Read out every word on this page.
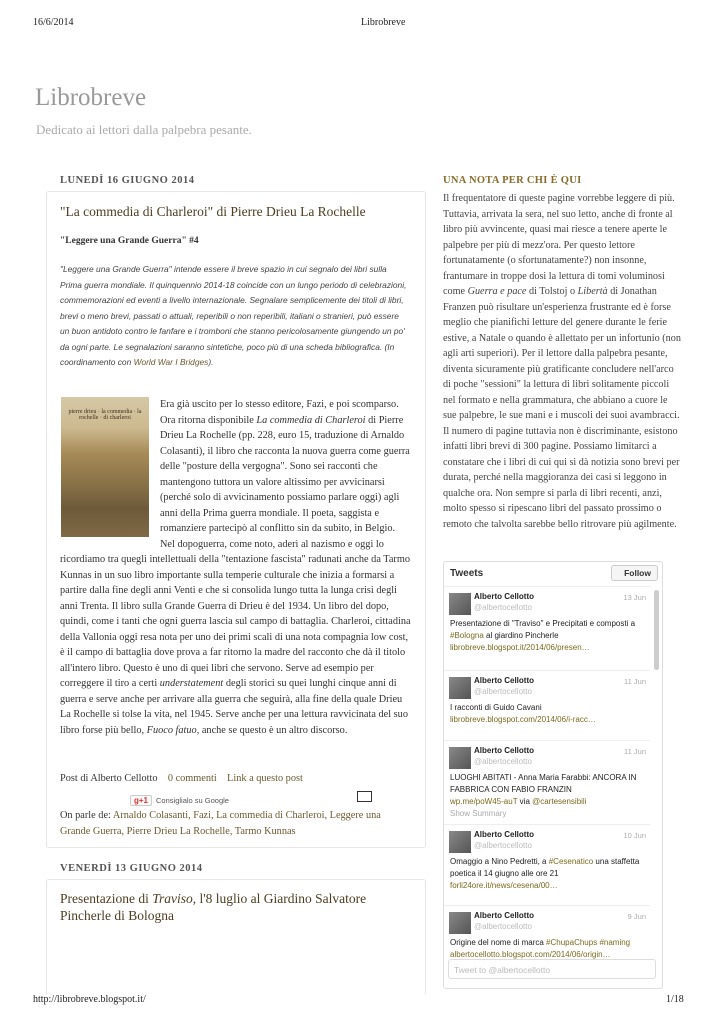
16/6/2014	Librobreve
Librobreve
Dedicato ai lettori dalla palpebra pesante.
LUNEDÌ 16 GIUGNO 2014
"La commedia di Charleroi" di Pierre Drieu La Rochelle
"Leggere una Grande Guerra" #4
"Leggere una Grande Guerra" intende essere il breve spazio in cui segnalo dei libri sulla Prima guerra mondiale. Il quinquennio 2014-18 coincide con un lungo periodo di celebrazioni, commemorazioni ed eventi a livello internazionale. Segnalare semplicemente dei titoli di libri, brevi o meno brevi, passati o attuali, reperibili o non reperibili, italiani o stranieri, può essere un buon antidoto contro le fanfare e i tromboni che stanno pericolosamente giungendo un po' da ogni parte. Le segnalazioni saranno sintetiche, poco più di una scheda bibliografica. (In coordinamento con World War I Bridges).
pierre drieu · la commedia · la rochelle · di charleroi
Era già uscito per lo stesso editore, Fazi, e poi scomparso. Ora ritorna disponibile La commedia di Charleroi di Pierre Drieu La Rochelle (pp. 228, euro 15, traduzione di Arnaldo Colasanti), il libro che racconta la nuova guerra come guerra delle "posture della vergogna". Sono sei racconti che mantengono tuttora un valore altissimo per avvicinarsi (perché solo di avvicinamento possiamo parlare oggi) agli anni della Prima guerra mondiale. Il poeta, saggista e romanziere partecipò al conflitto sin da subito, in Belgio. Nel dopoguerra, come noto, aderì al nazismo e oggi lo ricordiamo tra quegli intellettuali della "tentazione fascista" radunati anche da Tarmo Kunnas in un suo libro importante sulla temperie culturale che inizia a formarsi a partire dalla fine degli anni Venti e che si consolida lungo tutta la lunga crisi degli anni Trenta. Il libro sulla Grande Guerra di Drieu è del 1934. Un libro del dopo, quindi, come i tanti che ogni guerra lascia sul campo di battaglia. Charleroi, cittadina della Vallonia oggi resa nota per uno dei primi scali di una nota compagnia low cost, è il campo di battaglia dove prova a far ritorno la madre del racconto che dà il titolo all'intero libro. Questo è uno di quei libri che servono. Serve ad esempio per correggere il tiro a certi understatement degli storici su quei lunghi cinque anni di guerra e serve anche per arrivare alla guerra che seguirà, alla fine della quale Drieu La Rochelle si tolse la vita, nel 1945. Serve anche per una lettura ravvicinata del suo libro forse più bello, Fuoco fatuo, anche se questo è un altro discorso.
Post di Alberto Cellotto 0 commenti Link a questo post
g+1 Consiglialo su Google
On parle de: Arnaldo Colasanti, Fazi, La commedia di Charleroi, Leggere una Grande Guerra, Pierre Drieu La Rochelle, Tarmo Kunnas
VENERDÌ 13 GIUGNO 2014
Presentazione di Traviso, l'8 luglio al Giardino Salvatore Pincherle di Bologna
UNA NOTA PER CHI È QUI
Il frequentatore di queste pagine vorrebbe leggere di più. Tuttavia, arrivata la sera, nel suo letto, anche di fronte al libro più avvincente, quasi mai riesce a tenere aperte le palpebre per più di mezz'ora. Per questo lettore fortunatamente (o sfortunatamente?) non insonne, frantumare in troppe dosi la lettura di tomi voluminosi come Guerra e pace di Tolstoj o Libertà di Jonathan Franzen può risultare un'esperienza frustrante ed è forse meglio che pianifichi letture del genere durante le ferie estive, a Natale o quando è allettato per un infortunio (non agli arti superiori). Per il lettore dalla palpebra pesante, diventa sicuramente più gratificante concludere nell'arco di poche "sessioni" la lettura di libri solitamente piccoli nel formato e nella grammatura, che abbiano a cuore le sue palpebre, le sue mani e i muscoli dei suoi avambracci. Il numero di pagine tuttavia non è discriminante, esistono infatti libri brevi di 300 pagine. Possiamo limitarci a constatare che i libri di cui qui si dà notizia sono brevi per durata, perché nella maggioranza dei casi si leggono in qualche ora. Non sempre si parla di libri recenti, anzi, molto spesso si ripescano libri del passato prossimo o remoto che talvolta sarebbe bello ritrovare più agilmente.
Tweets	Follow
Alberto Cellotto
@albertocellotto
13 Jun
Presentazione di "Traviso" e Precipitati e composti a #Bologna al giardino Pincherle
librobreve.blogspot.it/2014/06/presen…
Alberto Cellotto
@albertocellotto
11 Jun
I racconti di Guido Cavani
librobreve.blogspot.com/2014/06/i-racc…
Alberto Cellotto
@albertocellotto
11 Jun
LUOGHI ABITATI - Anna Maria Farabbi: ANCORA IN FABBRICA CON FABIO FRANZIN
wp.me/poW45-auT via @cartesensibili
Show Summary
Alberto Cellotto
@albertocellotto
10 Jun
Omaggio a Nino Pedretti, a #Cesenatico una staffetta poetica il 14 giugno alle ore 21
forli24ore.it/news/cesena/00…
Alberto Cellotto
@albertocellotto
9 Jun
Origine del nome di marca #ChupaChups #naming
albertocellotto.blogspot.com/2014/06/origin…
Tweet to @albertocellotto
http://librobreve.blogspot.it/	1/18
